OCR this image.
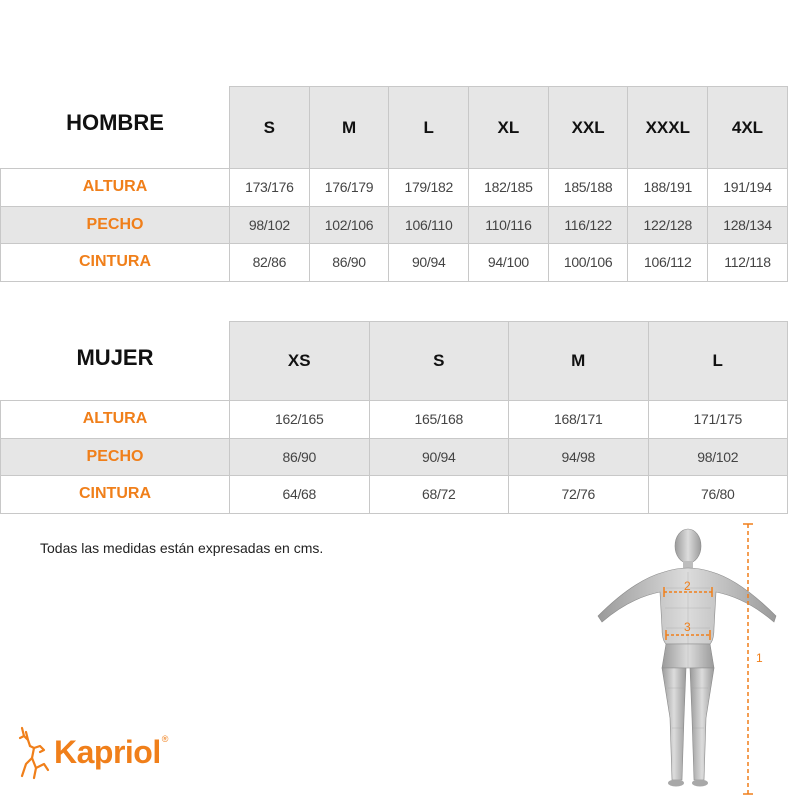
	S	M	L	XL	XXL	XXXL	4XL
ALTURA	173/176	176/179	179/182	182/185	185/188	188/191	191/194
PECHO	98/102	102/106	106/110	110/116	116/122	122/128	128/134
CINTURA	82/86	86/90	90/94	94/100	100/106	106/112	112/118
HOMBRE
	XS	S	M	L
ALTURA	162/165	165/168	168/171	171/175
PECHO	86/90	90/94	94/98	98/102
CINTURA	64/68	68/72	72/76	76/80
MUJER
Todas las medidas están expresadas en cms.
Kapriol®
1
2
3
